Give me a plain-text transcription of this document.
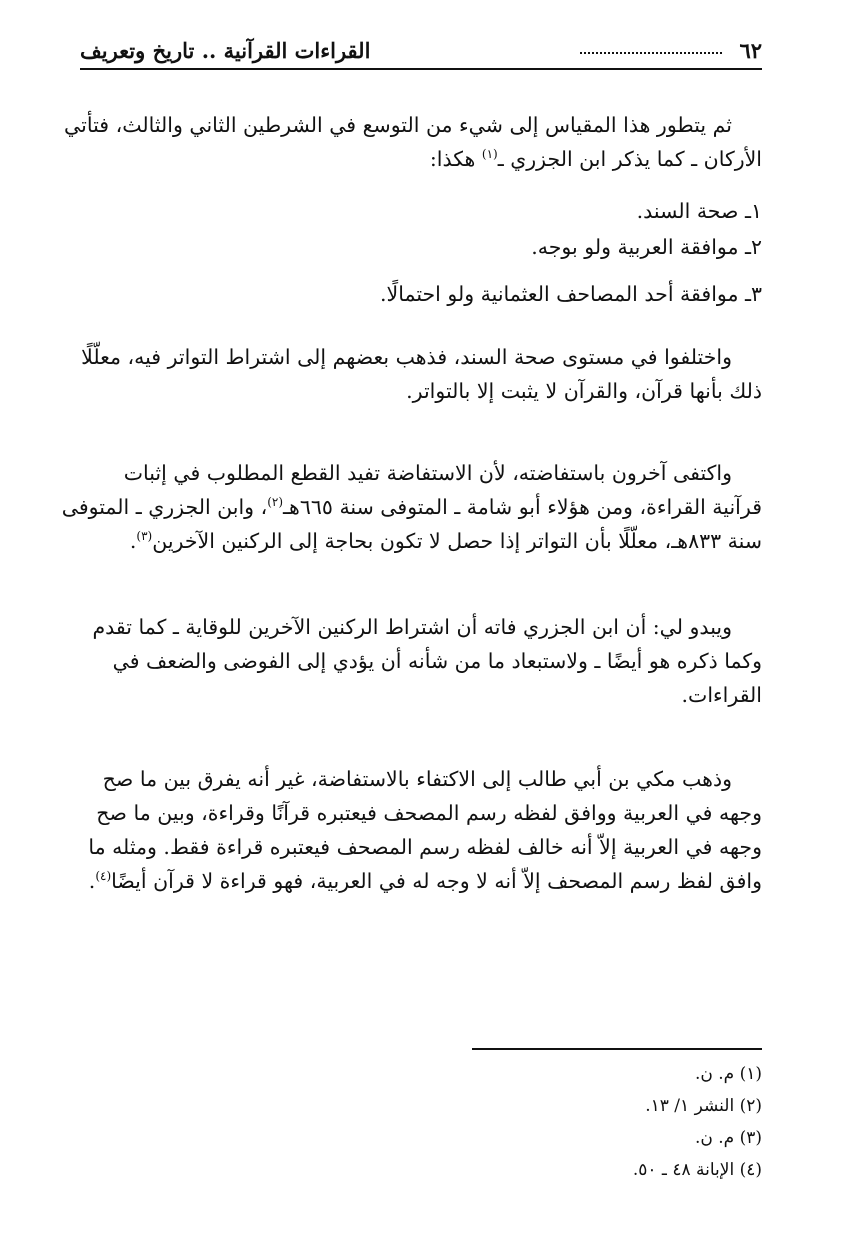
٦٢
القراءات القرآنية .. تاريخ وتعريف
ثم يتطور هذا المقياس إلى شيء من التوسع في الشرطين الثاني والثالث، فتأتي
الأركان ـ كما يذكر ابن الجزري ـ$^{(١)}$ هكذا:
١ـ صحة السند.
٢ـ موافقة العربية ولو بوجه.
٣ـ موافقة أحد المصاحف العثمانية ولو احتمالًا.
واختلفوا في مستوى صحة السند، فذهب بعضهم إلى اشتراط التواتر فيه، معلّلًا
ذلك بأنها قرآن، والقرآن لا يثبت إلا بالتواتر.
واكتفى آخرون باستفاضته، لأن الاستفاضة تفيد القطع المطلوب في إثبات
قرآنية القراءة، ومن هؤلاء أبو شامة ـ المتوفى سنة ٦٦٥هـ$^{(٢)}$، وابن الجزري ـ المتوفى
سنة ٨٣٣هـ، معلّلًا بأن التواتر إذا حصل لا تكون بحاجة إلى الركنين الآخرين$^{(٣)}$.
ويبدو لي: أن ابن الجزري فاته أن اشتراط الركنين الآخرين للوقاية ـ كما تقدم
وكما ذكره هو أيضًا ـ ولاستبعاد ما من شأنه أن يؤدي إلى الفوضى والضعف في
القراءات.
وذهب مكي بن أبي طالب إلى الاكتفاء بالاستفاضة، غير أنه يفرق بين ما صح
وجهه في العربية ووافق لفظه رسم المصحف فيعتبره قرآنًا وقراءة، وبين ما صح
وجهه في العربية إلاّ أنه خالف لفظه رسم المصحف فيعتبره قراءة فقط. ومثله ما
وافق لفظ رسم المصحف إلاّ أنه لا وجه له في العربية، فهو قراءة لا قرآن أيضًا$^{(٤)}$.
(١) م. ن.
(٢) النشر ١/ ١٣.
(٣) م. ن.
(٤) الإبانة ٤٨ ـ ٥٠.
